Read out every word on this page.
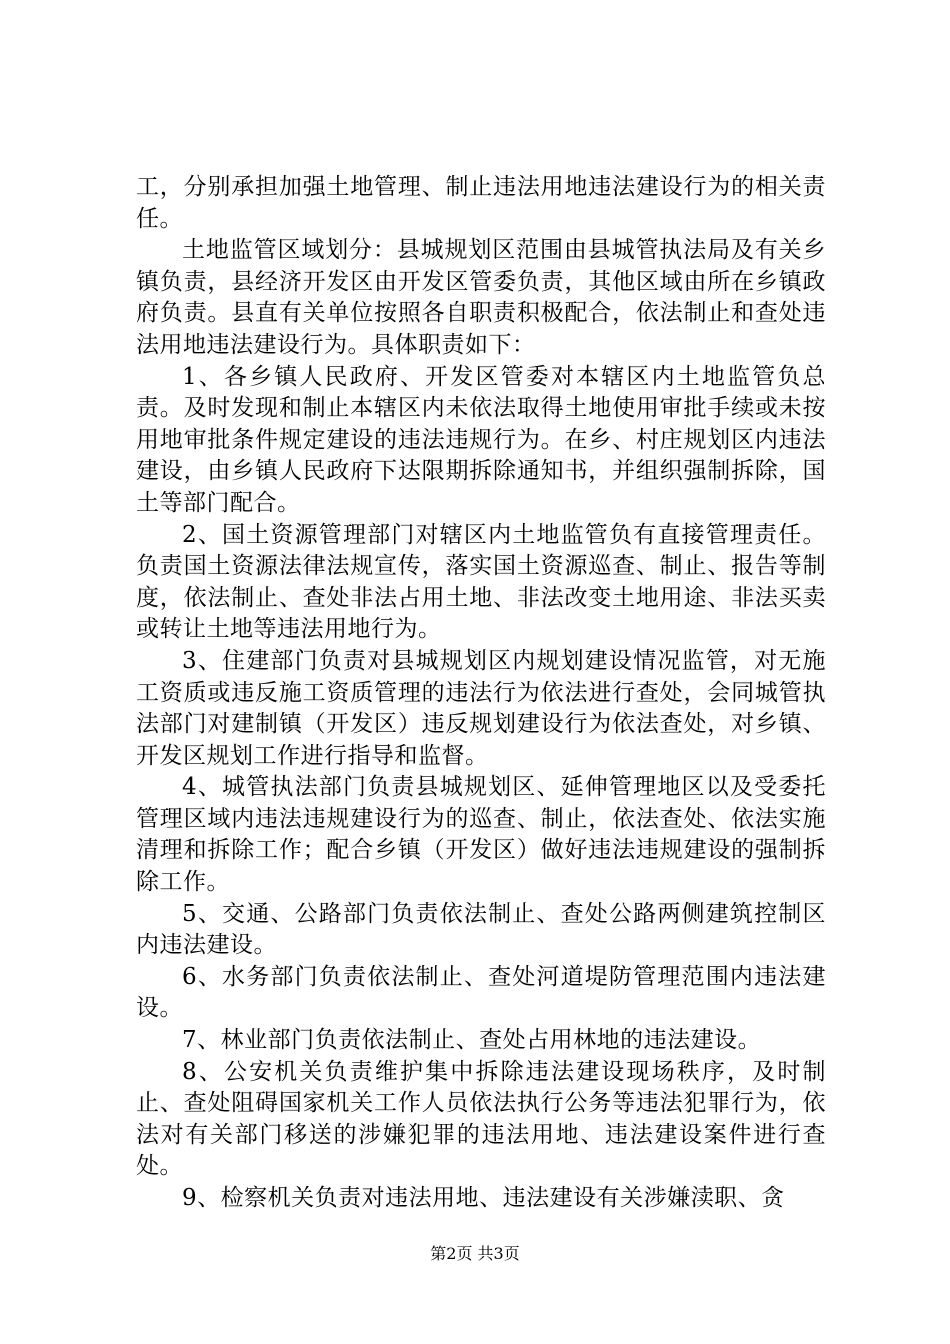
工，分别承担加强土地管理、制止违法用地违法建设行为的相关责任。

土地监管区域划分：县城规划区范围由县城管执法局及有关乡镇负责，县经济开发区由开发区管委负责，其他区域由所在乡镇政府负责。县直有关单位按照各自职责积极配合，依法制止和查处违法用地违法建设行为。具体职责如下：

1、各乡镇人民政府、开发区管委对本辖区内土地监管负总责。及时发现和制止本辖区内未依法取得土地使用审批手续或未按用地审批条件规定建设的违法违规行为。在乡、村庄规划区内违法建设，由乡镇人民政府下达限期拆除通知书，并组织强制拆除，国土等部门配合。

2、国土资源管理部门对辖区内土地监管负有直接管理责任。负责国土资源法律法规宣传，落实国土资源巡查、制止、报告等制度，依法制止、查处非法占用土地、非法改变土地用途、非法买卖或转让土地等违法用地行为。

3、住建部门负责对县城规划区内规划建设情况监管，对无施工资质或违反施工资质管理的违法行为依法进行查处，会同城管执法部门对建制镇（开发区）违反规划建设行为依法查处，对乡镇、开发区规划工作进行指导和监督。

4、城管执法部门负责县城规划区、延伸管理地区以及受委托管理区域内违法违规建设行为的巡查、制止，依法查处、依法实施清理和拆除工作；配合乡镇（开发区）做好违法违规建设的强制拆除工作。

5、交通、公路部门负责依法制止、查处公路两侧建筑控制区内违法建设。

6、水务部门负责依法制止、查处河道堤防管理范围内违法建设。

7、林业部门负责依法制止、查处占用林地的违法建设。

8、公安机关负责维护集中拆除违法建设现场秩序，及时制止、查处阻碍国家机关工作人员依法执行公务等违法犯罪行为，依法对有关部门移送的涉嫌犯罪的违法用地、违法建设案件进行查处。

9、检察机关负责对违法用地、违法建设有关涉嫌渎职、贪

第2页 共3页
